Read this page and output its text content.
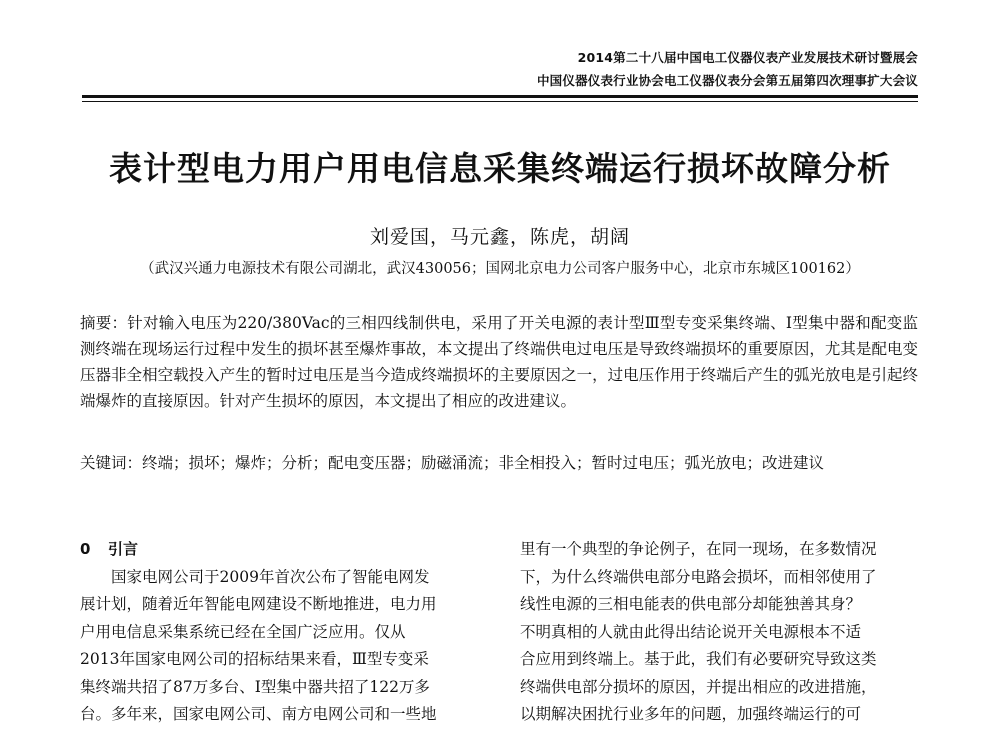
2014第二十八届中国电工仪器仪表产业发展技术研讨暨展会
中国仪器仪表行业协会电工仪器仪表分会第五届第四次理事扩大会议
表计型电力用户用电信息采集终端运行损坏故障分析
刘爱国，马元鑫，陈虎，胡阔
（武汉兴通力电源技术有限公司湖北，武汉430056；国网北京电力公司客户服务中心，北京市东城区100162）
摘要：针对输入电压为220/380Vac的三相四线制供电，采用了开关电源的表计型Ⅲ型专变采集终端、I型集中器和配变监测终端在现场运行过程中发生的损坏甚至爆炸事故，本文提出了终端供电过电压是导致终端损坏的重要原因，尤其是配电变压器非全相空载投入产生的暂时过电压是当今造成终端损坏的主要原因之一，过电压作用于终端后产生的弧光放电是引起终端爆炸的直接原因。针对产生损坏的原因，本文提出了相应的改进建议。
关键词：终端；损坏；爆炸；分析；配电变压器；励磁涌流；非全相投入；暂时过电压；弧光放电；改进建议
0 引言
国家电网公司于2009年首次公布了智能电网发
展计划，随着近年智能电网建设不断地推进，电力用
户用电信息采集系统已经在全国广泛应用。仅从
2013年国家电网公司的招标结果来看，Ⅲ型专变采
集终端共招了87万多台、I型集中器共招了122万多
台。多年来，国家电网公司、南方电网公司和一些地
里有一个典型的争论例子，在同一现场，在多数情况
下，为什么终端供电部分电路会损坏，而相邻使用了
线性电源的三相电能表的供电部分却能独善其身？
不明真相的人就由此得出结论说开关电源根本不适
合应用到终端上。基于此，我们有必要研究导致这类
终端供电部分损坏的原因，并提出相应的改进措施，
以期解决困扰行业多年的问题，加强终端运行的可
